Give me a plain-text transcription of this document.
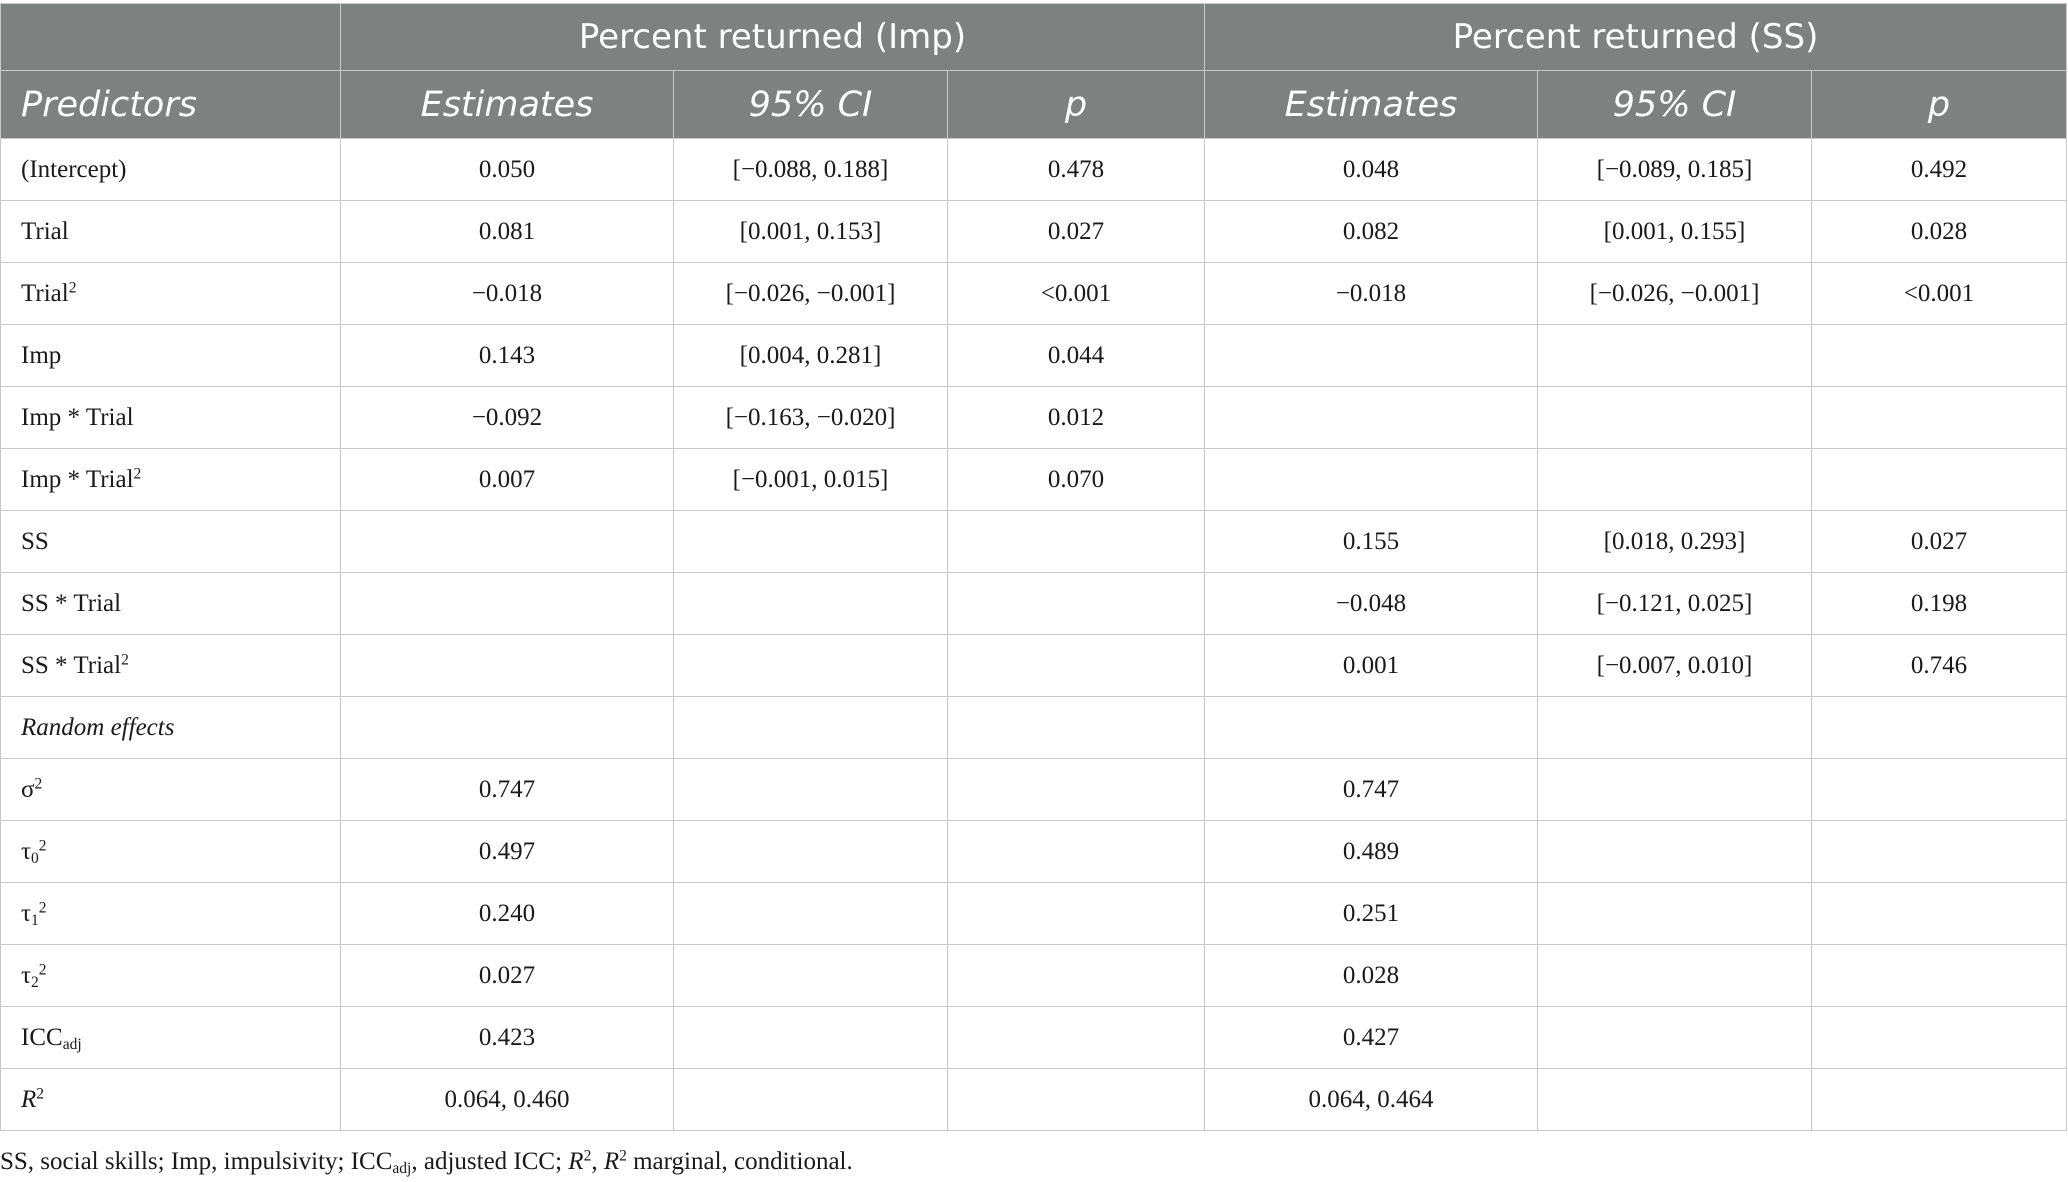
	Percent returned (Imp)			Percent returned (SS)		
Predictors	Estimates	95% CI	p	Estimates	95% CI	p
(Intercept)	0.050	[−0.088, 0.188]	0.478	0.048	[−0.089, 0.185]	0.492
Trial	0.081	[0.001, 0.153]	0.027	0.082	[0.001, 0.155]	0.028
Trial$^2$	−0.018	[−0.026, −0.001]	<0.001	−0.018	[−0.026, −0.001]	<0.001
Imp	0.143	[0.004, 0.281]	0.044			
Imp * Trial	−0.092	[−0.163, −0.020]	0.012			
Imp * Trial$^2$	0.007	[−0.001, 0.015]	0.070			
SS				0.155	[0.018, 0.293]	0.027
SS * Trial				−0.048	[−0.121, 0.025]	0.198
SS * Trial$^2$				0.001	[−0.007, 0.010]	0.746
Random effects						
$\sigma^2$	0.747			0.747		
$\tau_0^2$	0.497			0.489		
$\tau_1^2$	0.240			0.251		
$\tau_2^2$	0.027			0.028		
$ICC_{adj}$	0.423			0.427		
$R^2$	0.064, 0.460			0.064, 0.464		
SS, social skills; Imp, impulsivity; $ICC_{adj}$, adjusted ICC; $R^2$, $R^2$ marginal, conditional.
